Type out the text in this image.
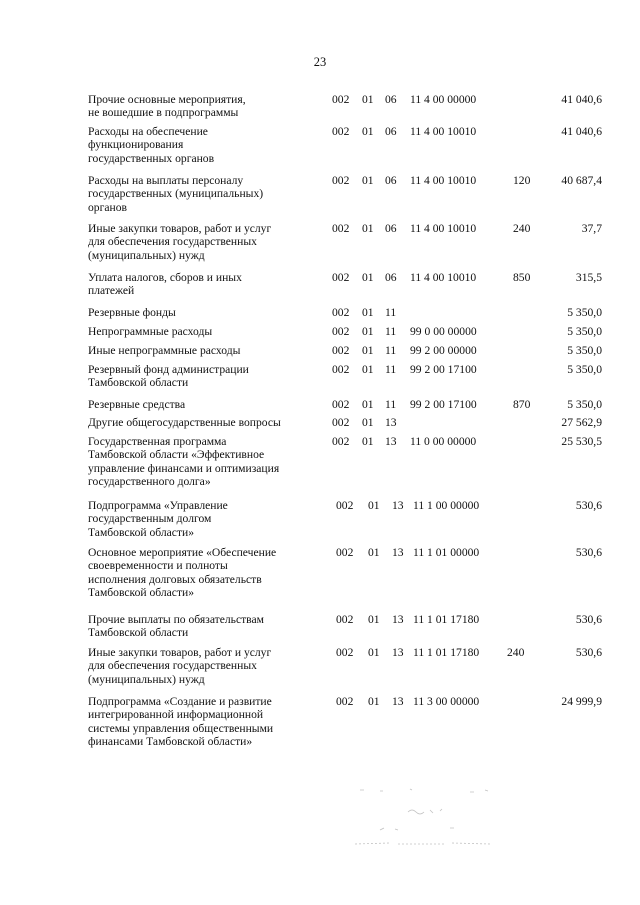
23
Прочие основные мероприятия,
не вошедшие в подпрограммы
002 01 06 11 4 00 00000	41 040,6
Расходы на обеспечение
функционирования
государственных органов
002 01 06 11 4 00 10010	41 040,6
Расходы на выплаты персоналу
государственных (муниципальных)
органов
002 01 06 11 4 00 10010	120	40 687,4
Иные закупки товаров, работ и услуг
для обеспечения государственных
(муниципальных) нужд
002 01 06 11 4 00 10010	240	37,7
Уплата налогов, сборов и иных
платежей
002 01 06 11 4 00 10010	850	315,5
Резервные фонды	002 01 11	5 350,0
Непрограммные расходы	002 01 11 99 0 00 00000	5 350,0
Иные непрограммные расходы	002 01 11 99 2 00 00000	5 350,0
Резервный фонд администрации
Тамбовской области
002 01 11 99 2 00 17100	5 350,0
Резервные средства	002 01 11 99 2 00 17100	870	5 350,0
Другие общегосударственные вопросы	002 01 13	27 562,9
Государственная программа
Тамбовской области «Эффективное
управление финансами и оптимизация
государственного долга»
002 01 13 11 0 00 00000	25 530,5
Подпрограмма «Управление
государственным долгом
Тамбовской области»
002 01 13 11 1 00 00000	530,6
Основное мероприятие «Обеспечение
своевременности и полноты
исполнения долговых обязательств
Тамбовской области»
002 01 13 11 1 01 00000	530,6
Прочие выплаты по обязательствам
Тамбовской области
002 01 13 11 1 01 17180	530,6
Иные закупки товаров, работ и услуг
для обеспечения государственных
(муниципальных) нужд
002 01 13 11 1 01 17180 240	530,6
Подпрограмма «Создание и развитие
интегрированной информационной
системы управления общественными
финансами Тамбовской области»
002 01 13 11 3 00 00000	24 999,9
